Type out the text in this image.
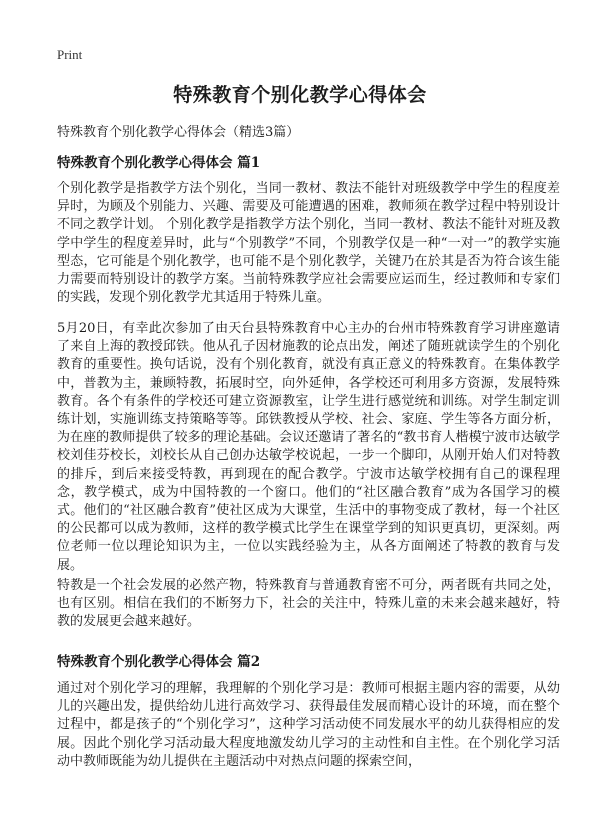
Print
特殊教育个别化教学心得体会
特殊教育个别化教学心得体会（精选3篇）
特殊教育个别化教学心得体会 篇1
个别化教学是指教学方法个别化，当同一教材、教法不能针对班级教学中学生的程度差异时，为顾及个别能力、兴趣、需要及可能遭遇的困难，教师须在教学过程中特别设计不同之教学计划。 个别化教学是指教学方法个别化，当同一教材、教法不能针对班及教学中学生的程度差异时，此与“个别教学”不同，个别教学仅是一种“一对一”的教学实施型态，它可能是个别化教学，也可能不是个别化教学，关键乃在於其是否为符合该生能力需要而特别设计的教学方案。当前特殊教学应社会需要应运而生，经过教师和专家们的实践，发现个别化教学尤其适用于特殊儿童。
5月20日，有幸此次参加了由天台县特殊教育中心主办的台州市特殊教育学习讲座邀请了来自上海的教授邱铁。他从孔子因材施教的论点出发，阐述了随班就读学生的个别化教育的重要性。换句话说，没有个别化教育，就没有真正意义的特殊教育。在集体教学中，普教为主，兼顾特教，拓展时空，向外延伸，各学校还可利用多方资源，发展特殊教育。各个有条件的学校还可建立资源教室，让学生进行感觉统和训练。对学生制定训练计划，实施训练支持策略等等。邱铁教授从学校、社会、家庭、学生等各方面分析，为在座的教师提供了较多的理论基础。会议还邀请了著名的“教书育人楷模宁波市达敏学校刘佳芬校长，刘校长从自己创办达敏学校说起，一步一个脚印，从刚开始人们对特教的排斥，到后来接受特教，再到现在的配合教学。宁波市达敏学校拥有自己的课程理念，教学模式，成为中国特教的一个窗口。他们的“社区融合教育”成为各国学习的模式。他们的“社区融合教育”使社区成为大课堂，生活中的事物变成了教材，每一个社区的公民都可以成为教师，这样的教学模式比学生在课堂学到的知识更真切，更深刻。两位老师一位以理论知识为主，一位以实践经验为主，从各方面阐述了特教的教育与发展。
特教是一个社会发展的必然产物，特殊教育与普通教育密不可分，两者既有共同之处，也有区别。相信在我们的不断努力下，社会的关注中，特殊儿童的未来会越来越好，特教的发展更会越来越好。
特殊教育个别化教学心得体会 篇2
通过对个别化学习的理解，我理解的个别化学习是：教师可根据主题内容的需要，从幼儿的兴趣出发，提供给幼儿进行高效学习、获得最佳发展而精心设计的环境，而在整个过程中，都是孩子的“个别化学习”，这种学习活动使不同发展水平的幼儿获得相应的发展。因此个别化学习活动最大程度地激发幼儿学习的主动性和自主性。在个别化学习活动中教师既能为幼儿提供在主题活动中对热点问题的探索空间，
